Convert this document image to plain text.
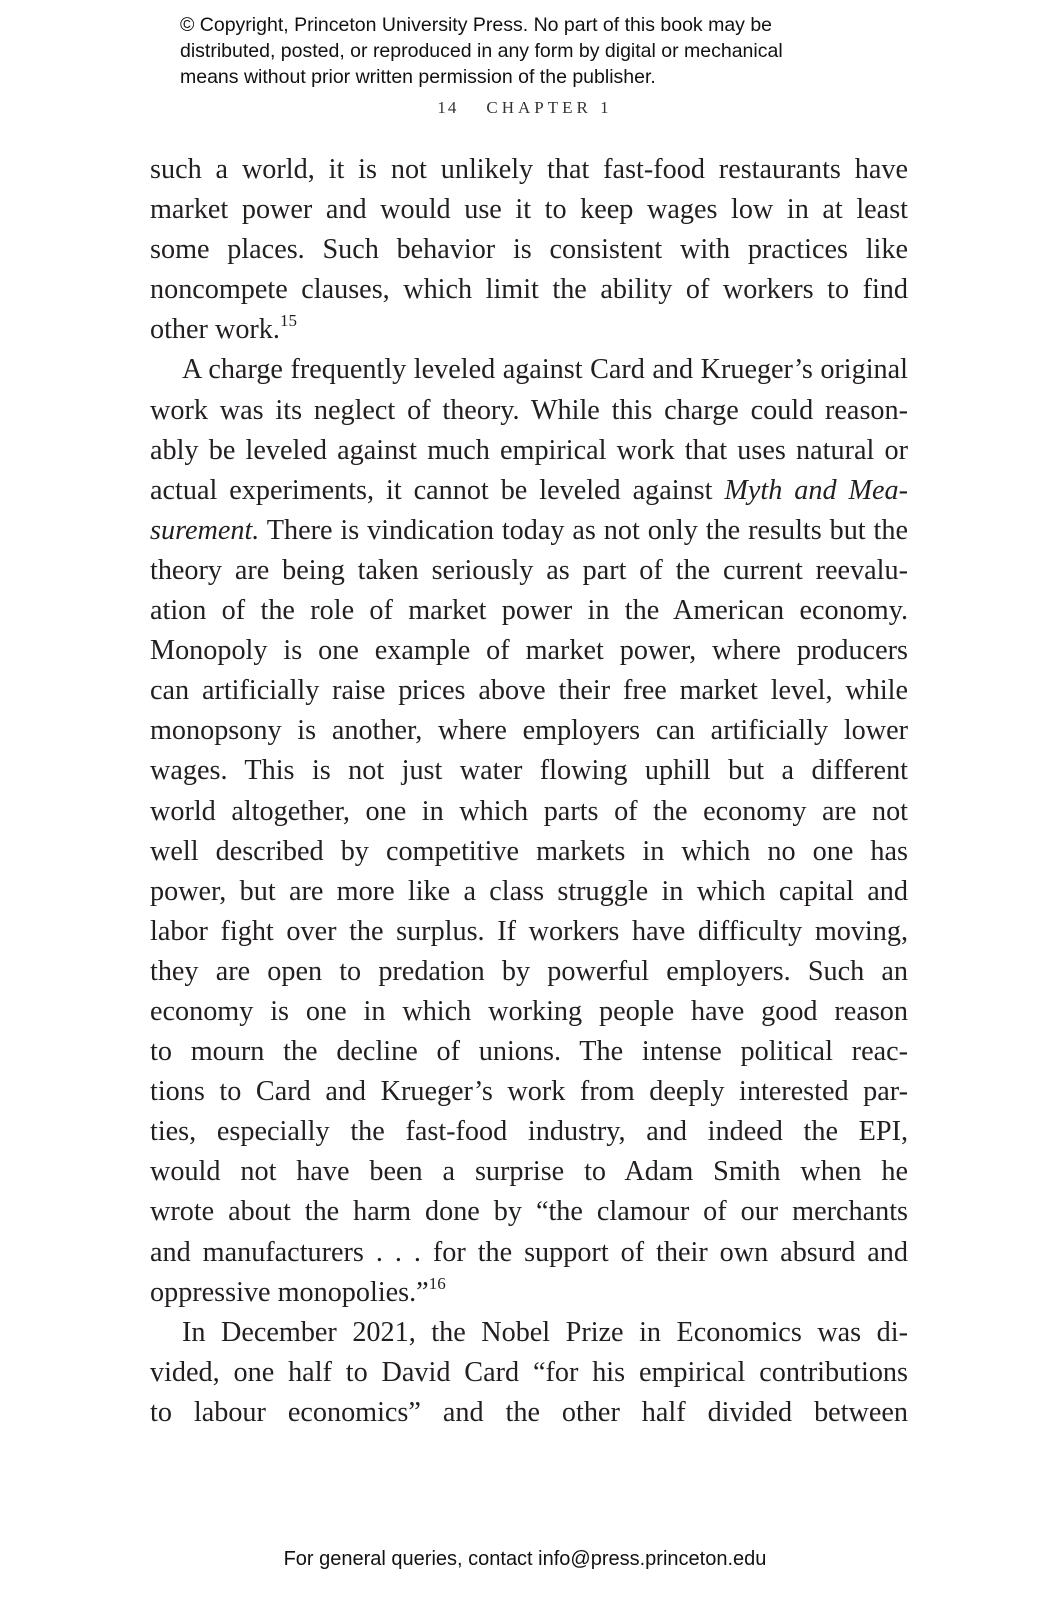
© Copyright, Princeton University Press. No part of this book may be
distributed, posted, or reproduced in any form by digital or mechanical
means without prior written permission of the publisher.
14 CHAPTER 1
such a world, it is not unlikely that fast-food restaurants have
market power and would use it to keep wages low in at least
some places. Such behavior is consistent with practices like
noncompete clauses, which limit the ability of workers to find
other work.$^{15}$
A charge frequently leveled against Card and Krueger’s original
work was its neglect of theory. While this charge could reason-
ably be leveled against much empirical work that uses natural or
actual experiments, it cannot be leveled against Myth and Mea-
surement. There is vindication today as not only the results but the
theory are being taken seriously as part of the current reevalu-
ation of the role of market power in the American economy.
Monopoly is one example of market power, where producers
can artificially raise prices above their free market level, while
monopsony is another, where employers can artificially lower
wages. This is not just water flowing uphill but a different
world altogether, one in which parts of the economy are not
well described by competitive markets in which no one has
power, but are more like a class struggle in which capital and
labor fight over the surplus. If workers have difficulty moving,
they are open to predation by powerful employers. Such an
economy is one in which working people have good reason
to mourn the decline of unions. The intense political reac-
tions to Card and Krueger’s work from deeply interested par-
ties, especially the fast-food industry, and indeed the EPI,
would not have been a surprise to Adam Smith when he
wrote about the harm done by “the clamour of our merchants
and manufacturers . . . for the support of their own absurd and
oppressive monopolies.”$^{16}$
In December 2021, the Nobel Prize in Economics was di-
vided, one half to David Card “for his empirical contributions
to labour economics” and the other half divided between
For general queries, contact info@press.princeton.edu
